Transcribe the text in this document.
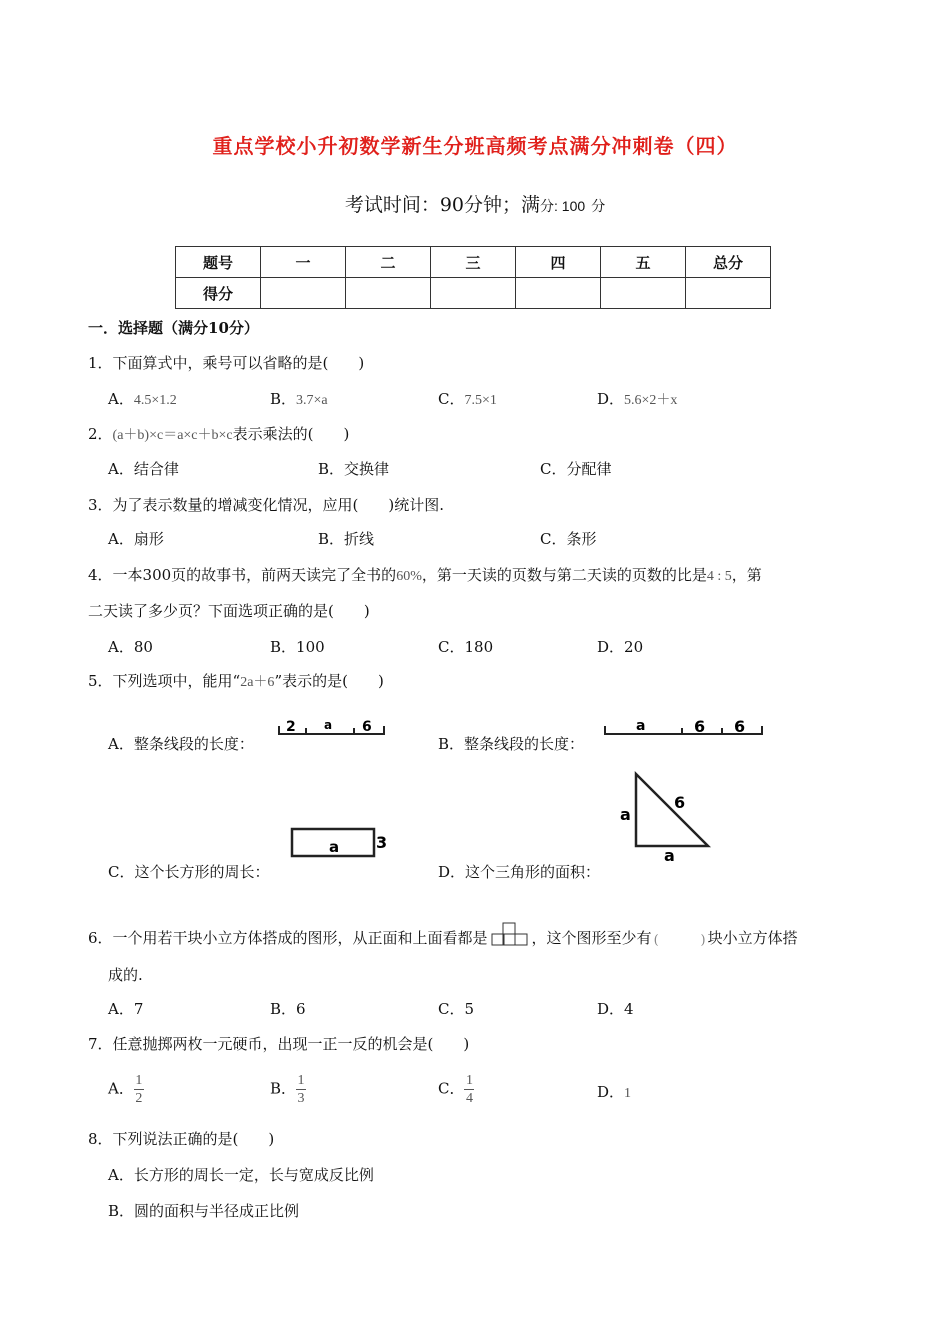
重点学校小升初数学新生分班高频考点满分冲刺卷（四）
考试时间：90分钟；满分: 100 分
题号	一	二	三	四	五	总分
得分						
一．选择题（满分10分）
1．下面算式中，乘号可以省略的是(　　)
A．4.5×1.2	B．3.7×a	C．7.5×1	D．5.6×2＋x
2．(a＋b)×c＝a×c＋b×c表示乘法的(　　)
A．结合律	B．交换律	C．分配律
3．为了表示数量的增减变化情况，应用(　　)统计图.
A．扇形	B．折线	C．条形
4．一本300页的故事书，前两天读完了全书的60%，第一天读的页数与第二天读的页数的比是4 : 5，第
二天读了多少页？下面选项正确的是(　　)
A．80	B．100	C．180	D．20
5．下列选项中，能用“2a＋6”表示的是(　　)
A．整条线段的长度：
2 a 6
B．整条线段的长度：
a	6 6
a 3
a
6
a
C．这个长方形的周长：	D．这个三角形的面积：
6．一个用若干块小立方体搭成的图形，从正面和上面看都是	，这个图形至少有 (	) 块小立方体搭
成的.
A．7	B．6	C．5	D．4
7．任意抛掷两枚一元硬币，出现一正一反的机会是(　　)
A． $\frac{1}{2}$	B． $\frac{1}{3}$	C． $\frac{1}{4}$	D．1
8．下列说法正确的是(　　)
A．长方形的周长一定，长与宽成反比例
B．圆的面积与半径成正比例
